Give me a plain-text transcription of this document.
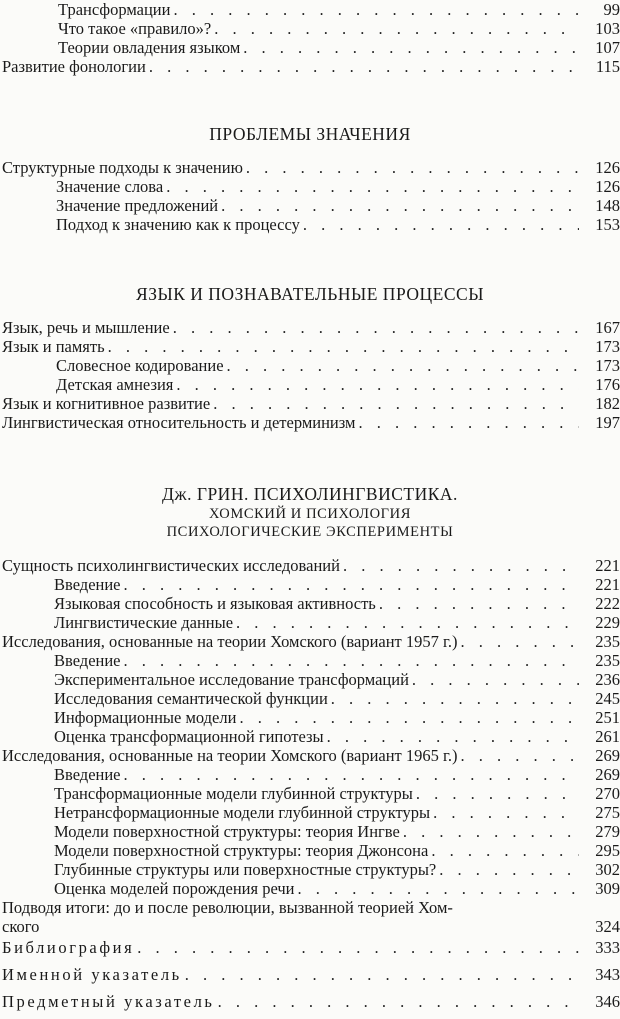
Трансформации . . .	99
Что такое «правило»? . . .	103
Теории овладения языком . . .	107
Развитие фонологии . . .	115
ПРОБЛЕМЫ ЗНАЧЕНИЯ
Структурные подходы к значению . . .	126
Значение слова . . .	126
Значение предложений . . .	148
Подход к значению как к процессу . . .	153
ЯЗЫК И ПОЗНАВАТЕЛЬНЫЕ ПРОЦЕССЫ
Язык, речь и мышление . . .	167
Язык и память . . .	173
Словесное кодирование . . .	173
Детская амнезия . . .	176
Язык и когнитивное развитие . . .	182
Лингвистическая относительность и детерминизм . . .	197
Дж. ГРИН. ПСИХОЛИНГВИСТИКА.
ХОМСКИЙ И ПСИХОЛОГИЯ
ПСИХОЛОГИЧЕСКИЕ ЭКСПЕРИМЕНТЫ
Сущность психолингвистических исследований . . .	221
Введение . . .	221
Языковая способность и языковая активность . . .	222
Лингвистические данные . . .	229
Исследования, основанные на теории Хомского (вариант 1957 г.) . . .	235
Введение . . .	235
Экспериментальное исследование трансформаций . . .	236
Исследования семантической функции . . .	245
Информационные модели . . .	251
Оценка трансформационной гипотезы . . .	261
Исследования, основанные на теории Хомского (вариант 1965 г.) . . .	269
Введение . . .	269
Трансформационные модели глубинной структуры . . .	270
Нетрансформационные модели глубинной структуры . . .	275
Модели поверхностной структуры: теория Ингве . . .	279
Модели поверхностной структуры: теория Джонсона . . .	295
Глубинные структуры или поверхностные структуры? . . .	302
Оценка моделей порождения речи . . .	309
Подводя итоги: до и после революции, вызванной теорией Хом-
ского	324
Библиография . . .	333
Именной указатель . . .	343
Предметный указатель . . .	346
